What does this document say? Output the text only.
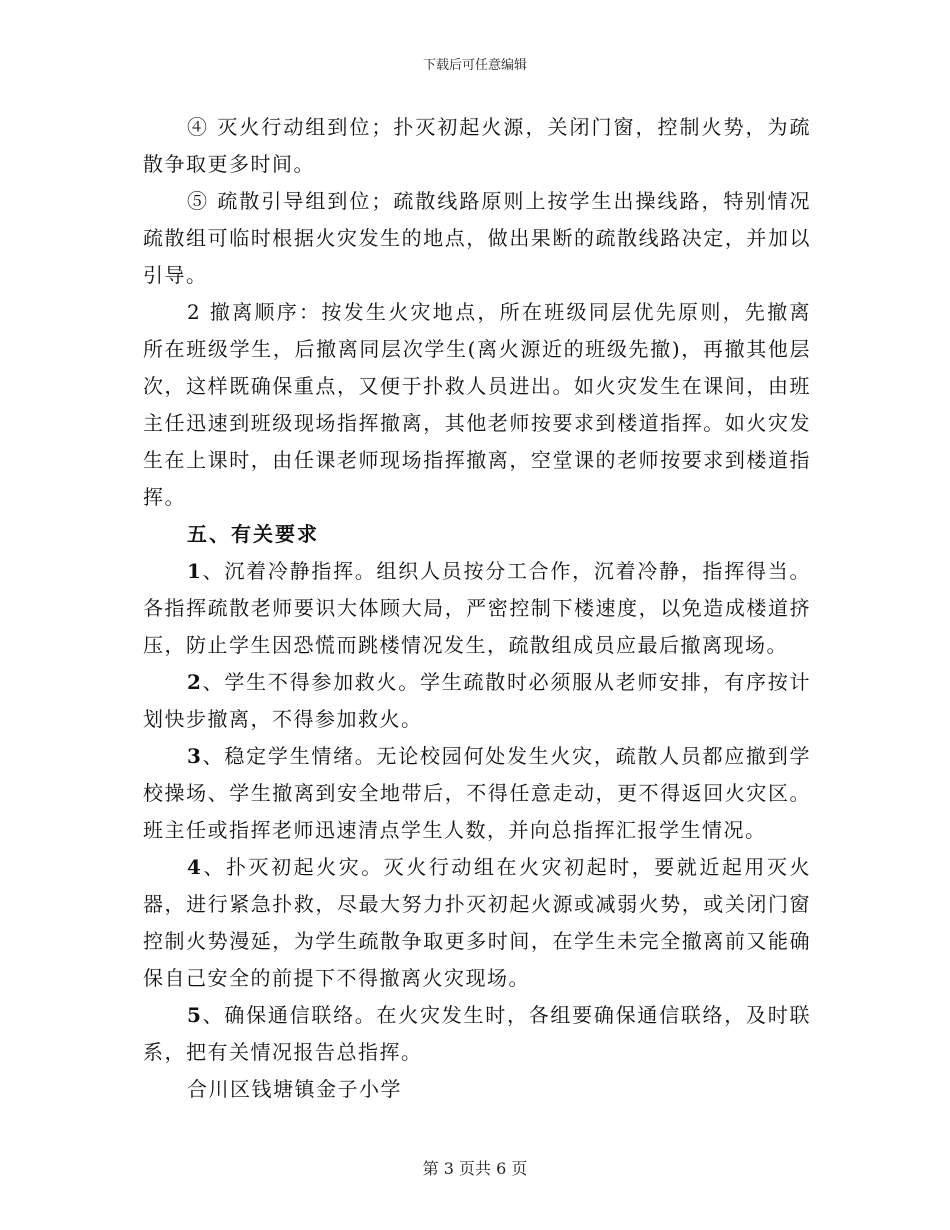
下载后可任意编辑

④ 灭火行动组到位；扑灭初起火源，关闭门窗，控制火势，为疏散争取更多时间。

⑤ 疏散引导组到位；疏散线路原则上按学生出操线路，特别情况疏散组可临时根据火灾发生的地点，做出果断的疏散线路决定，并加以引导。

2 撤离顺序：按发生火灾地点，所在班级同层优先原则，先撤离所在班级学生，后撤离同层次学生(离火源近的班级先撤)，再撤其他层次，这样既确保重点，又便于扑救人员进出。如火灾发生在课间，由班主任迅速到班级现场指挥撤离，其他老师按要求到楼道指挥。如火灾发生在上课时，由任课老师现场指挥撤离，空堂课的老师按要求到楼道指挥。

五、有关要求

1、沉着冷静指挥。组织人员按分工合作，沉着冷静，指挥得当。各指挥疏散老师要识大体顾大局，严密控制下楼速度，以免造成楼道挤压，防止学生因恐慌而跳楼情况发生，疏散组成员应最后撤离现场。

2、学生不得参加救火。学生疏散时必须服从老师安排，有序按计划快步撤离，不得参加救火。

3、稳定学生情绪。无论校园何处发生火灾，疏散人员都应撤到学校操场、学生撤离到安全地带后，不得任意走动，更不得返回火灾区。班主任或指挥老师迅速清点学生人数，并向总指挥汇报学生情况。

4、扑灭初起火灾。灭火行动组在火灾初起时，要就近起用灭火器，进行紧急扑救，尽最大努力扑灭初起火源或减弱火势，或关闭门窗控制火势漫延，为学生疏散争取更多时间，在学生未完全撤离前又能确保自己安全的前提下不得撤离火灾现场。

5、确保通信联络。在火灾发生时，各组要确保通信联络，及时联系，把有关情况报告总指挥。

合川区钱塘镇金子小学

第 3 页共 6 页
